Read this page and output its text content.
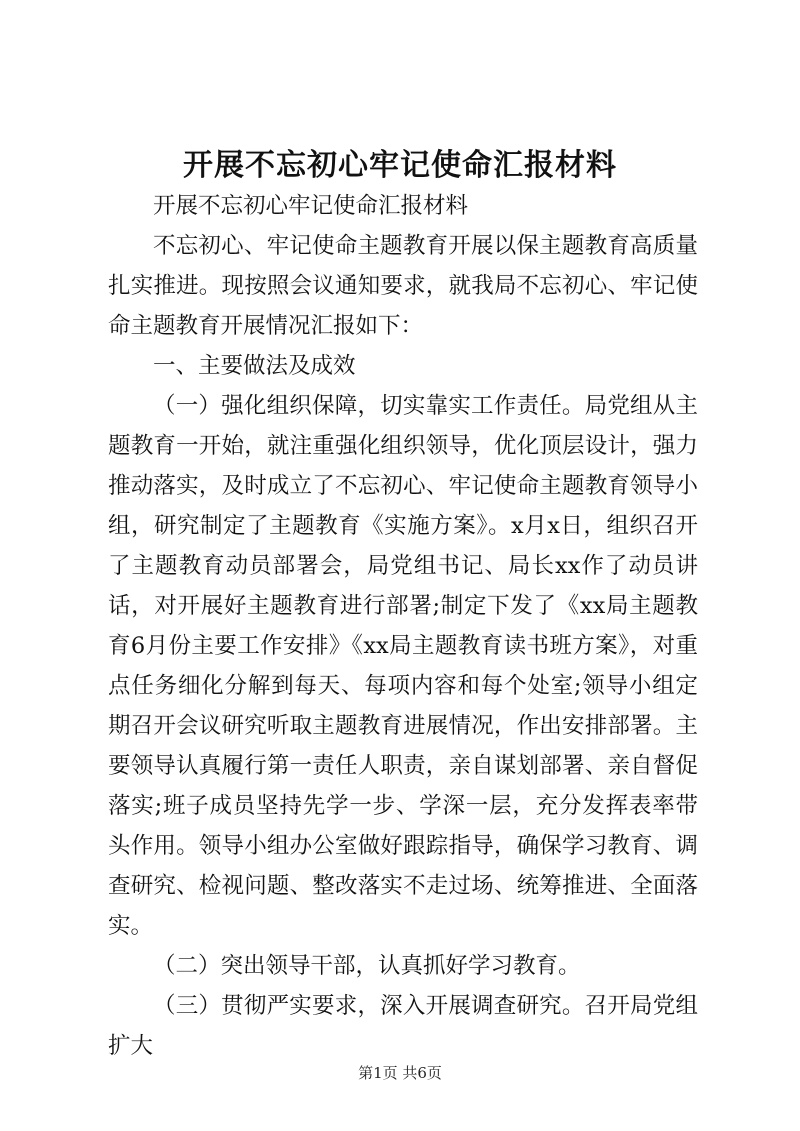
开展不忘初心牢记使命汇报材料

开展不忘初心牢记使命汇报材料

不忘初心、牢记使命主题教育开展以保主题教育高质量扎实推进。现按照会议通知要求，就我局不忘初心、牢记使命主题教育开展情况汇报如下：

一、主要做法及成效

（一）强化组织保障，切实靠实工作责任。局党组从主题教育一开始，就注重强化组织领导，优化顶层设计，强力推动落实，及时成立了不忘初心、牢记使命主题教育领导小组，研究制定了主题教育《实施方案》。x月x日，组织召开了主题教育动员部署会，局党组书记、局长xx作了动员讲话，对开展好主题教育进行部署;制定下发了《xx局主题教育6月份主要工作安排》《xx局主题教育读书班方案》，对重点任务细化分解到每天、每项内容和每个处室;领导小组定期召开会议研究听取主题教育进展情况，作出安排部署。主要领导认真履行第一责任人职责，亲自谋划部署、亲自督促落实;班子成员坚持先学一步、学深一层，充分发挥表率带头作用。领导小组办公室做好跟踪指导，确保学习教育、调查研究、检视问题、整改落实不走过场、统筹推进、全面落实。

（二）突出领导干部，认真抓好学习教育。

（三）贯彻严实要求，深入开展调查研究。召开局党组扩大

第1页 共6页
